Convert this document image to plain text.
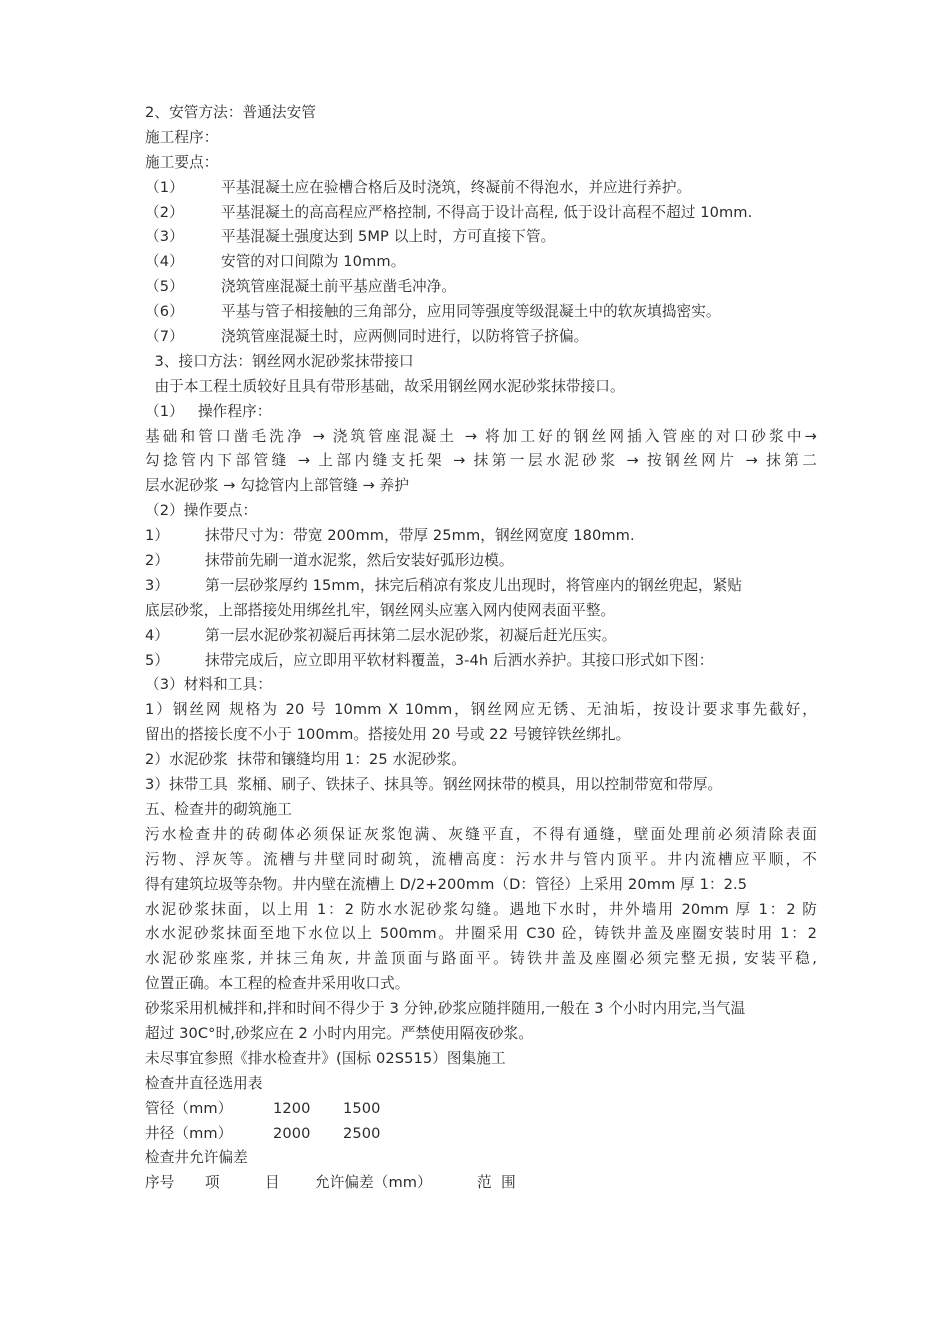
2、安管方法：普通法安管
施工程序：
施工要点：
（1）	平基混凝土应在验槽合格后及时浇筑，终凝前不得泡水，并应进行养护。
（2）	平基混凝土的高高程应严格控制, 不得高于设计高程, 低于设计高程不超过 10mm.
（3）	平基混凝土强度达到 5MP 以上时，方可直接下管。
（4）	安管的对口间隙为 10mm。
（5）	浇筑管座混凝土前平基应凿毛冲净。
（6）	平基与管子相接触的三角部分，应用同等强度等级混凝土中的软灰填捣密实。
（7）	浇筑管座混凝土时，应两侧同时进行，以防将管子挤偏。
3、接口方法：钢丝网水泥砂浆抹带接口
由于本工程土质较好且具有带形基础，故采用钢丝网水泥砂浆抹带接口。
（1）   操作程序：
基础和管口凿毛洗净 → 浇筑管座混凝土 → 将加工好的钢丝网插入管座的对口砂浆中→
勾捻管内下部管缝 → 上部内缝支托架 → 抹第一层水泥砂浆 → 按钢丝网片 → 抹第二
层水泥砂浆 → 勾捻管内上部管缝 → 养护
（2）操作要点：
1）	抹带尺寸为：带宽 200mm，带厚 25mm，钢丝网宽度 180mm.
2）	抹带前先刷一道水泥浆，然后安装好弧形边模。
3）	第一层砂浆厚约 15mm，抹完后稍凉有浆皮儿出现时，将管座内的钢丝兜起，紧贴
底层砂浆，上部搭接处用绑丝扎牢，钢丝网头应塞入网内使网表面平整。
4）	第一层水泥砂浆初凝后再抹第二层水泥砂浆，初凝后赶光压实。
5）	抹带完成后，应立即用平软材料覆盖，3-4h 后洒水养护。其接口形式如下图：
（3）材料和工具：
1）钢丝网 规格为 20 号 10mm X 10mm，钢丝网应无锈、无油垢，按设计要求事先截好，
留出的搭接长度不小于 100mm。搭接处用 20 号或 22 号镀锌铁丝绑扎。
2）水泥砂浆  抹带和镶缝均用 1：25 水泥砂浆。
3）抹带工具  浆桶、刷子、铁抹子、抹具等。钢丝网抹带的模具，用以控制带宽和带厚。
五、检查井的砌筑施工
污水检查井的砖砌体必须保证灰浆饱满、灰缝平直，不得有通缝，壁面处理前必须清除表面
污物、浮灰等。流槽与井壁同时砌筑，流槽高度：污水井与管内顶平。井内流槽应平顺，不
得有建筑垃圾等杂物。井内壁在流槽上 D/2+200mm（D：管径）上采用 20mm 厚 1：2.5
水泥砂浆抹面，以上用 1：2 防水水泥砂浆勾缝。遇地下水时，井外墙用 20mm 厚 1：2 防
水水泥砂浆抹面至地下水位以上 500mm。井圈采用 C30 砼，铸铁井盖及座圈安装时用 1：2
水泥砂浆座浆, 并抹三角灰, 井盖顶面与路面平。铸铁井盖及座圈必须完整无损, 安装平稳,
位置正确。本工程的检查井采用收口式。
砂浆采用机械拌和,拌和时间不得少于 3 分钟,砂浆应随拌随用,一般在 3 个小时内用完,当气温
超过 30C°时,砂浆应在 2 小时内用完。严禁使用隔夜砂浆。
未尽事宜参照《排水检查井》(国标 02S515）图集施工
检查井直径选用表
管径（mm）	1200	1500
井径（mm）	2000	2500
检查井允许偏差
序号	项	目	允许偏差（mm）	范  围
